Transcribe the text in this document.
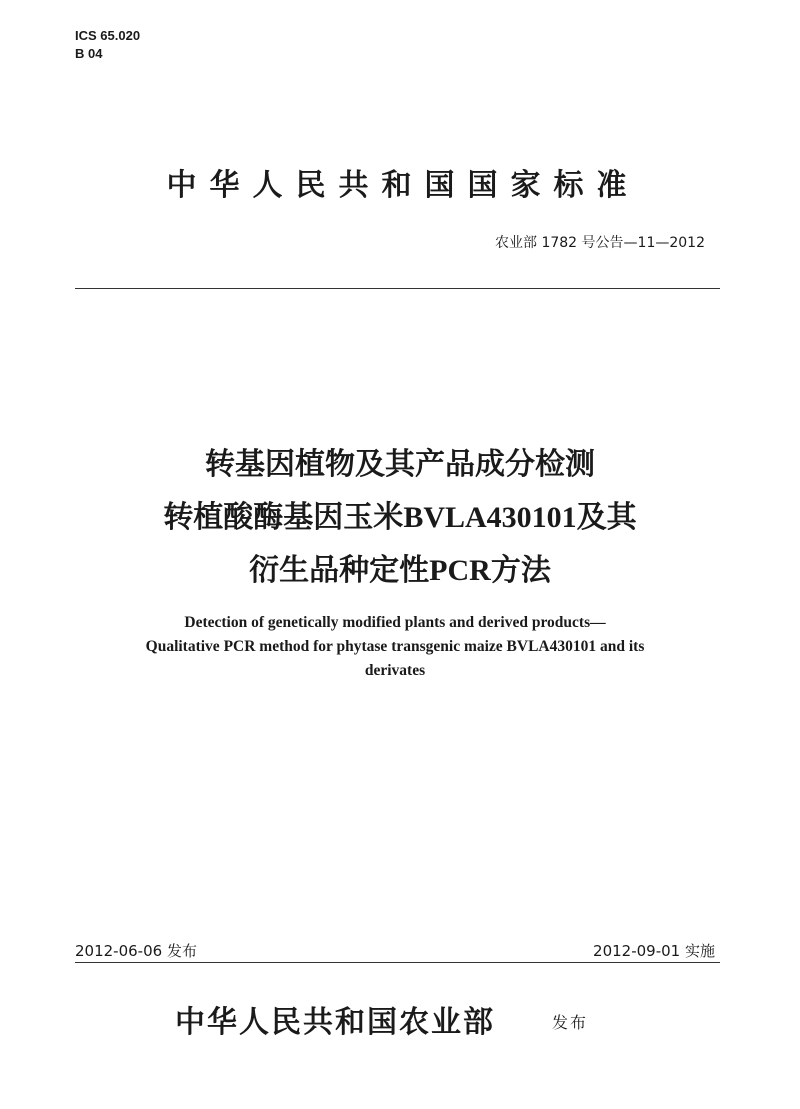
ICS 65.020
B 04
中华人民共和国国家标准
农业部 1782 号公告—11—2012
转基因植物及其产品成分检测
转植酸酶基因玉米BVLA430101及其
衍生品种定性PCR方法
Detection of genetically modified plants and derived products—
Qualitative PCR method for phytase transgenic maize BVLA430101 and its
derivates
2012-06-06 发布	2012-09-01 实施
中华人民共和国农业部	发布
